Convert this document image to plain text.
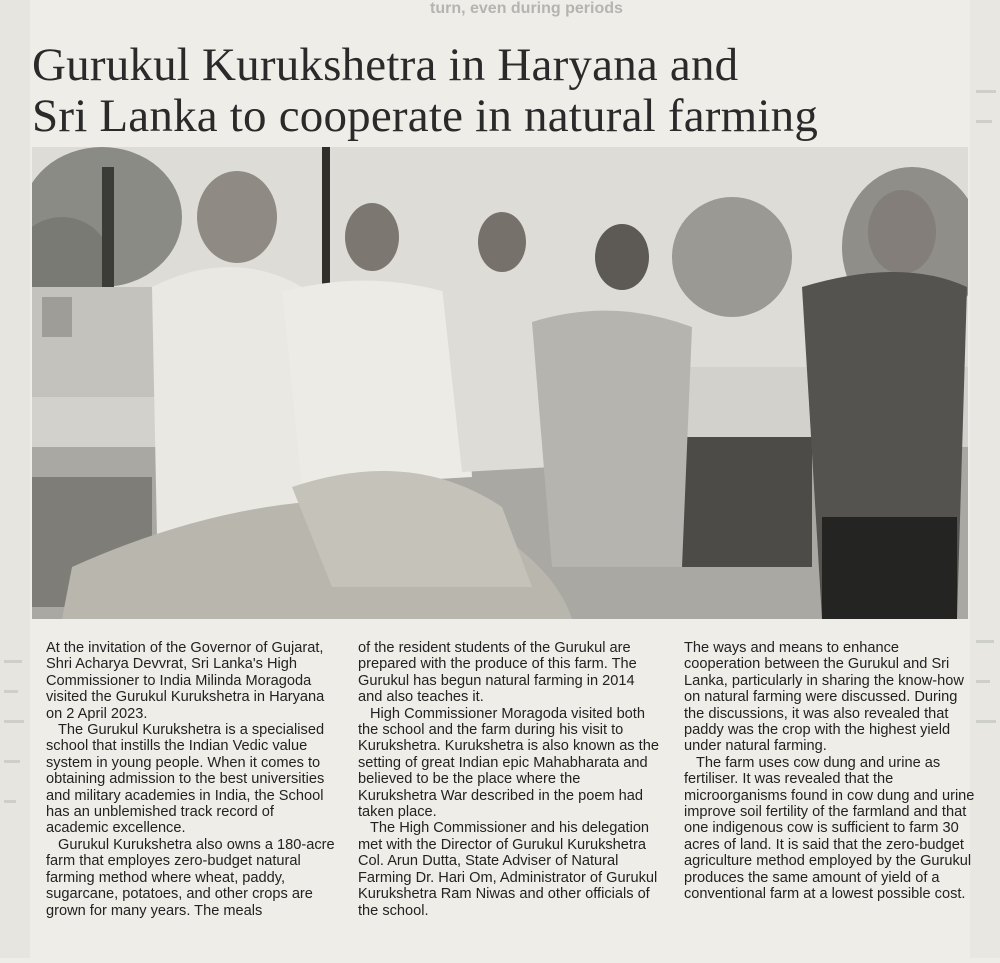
turn, even during periods
Gurukul Kurukshetra in Haryana and
Sri Lanka to cooperate in natural farming

At the invitation of the Governor of Gujarat, Shri Acharya Devvrat, Sri Lanka's High Commissioner to India Milinda Moragoda visited the Gurukul Kurukshetra in Haryana on 2 April 2023.

The Gurukul Kurukshetra is a specialised school that instills the Indian Vedic value system in young people. When it comes to obtaining admission to the best universities and military academies in India, the School has an unblemished track record of academic excellence.

Gurukul Kurukshetra also owns a 180-acre farm that employes zero-budget natural farming method where wheat, paddy, sugarcane, potatoes, and other crops are grown for many years. The meals

of the resident students of the Gurukul are prepared with the produce of this farm. The Gurukul has begun natural farming in 2014 and also teaches it.

High Commissioner Moragoda visited both the school and the farm during his visit to Kurukshetra. Kurukshetra is also known as the setting of great Indian epic Mahabharata and believed to be the place where the Kurukshetra War described in the poem had taken place.

The High Commissioner and his delegation met with the Director of Gurukul Kurukshetra Col. Arun Dutta, State Adviser of Natural Farming Dr. Hari Om, Administrator of Gurukul Kurukshetra Ram Niwas and other officials of the school.

The ways and means to enhance cooperation between the Gurukul and Sri Lanka, particularly in sharing the know-how on natural farming were discussed. During the discussions, it was also revealed that paddy was the crop with the highest yield under natural farming.

The farm uses cow dung and urine as fertiliser. It was revealed that the microorganisms found in cow dung and urine improve soil fertility of the farmland and that one indigenous cow is sufficient to farm 30 acres of land. It is said that the zero-budget agriculture method employed by the Gurukul produces the same amount of yield of a conventional farm at a lowest possible cost.
